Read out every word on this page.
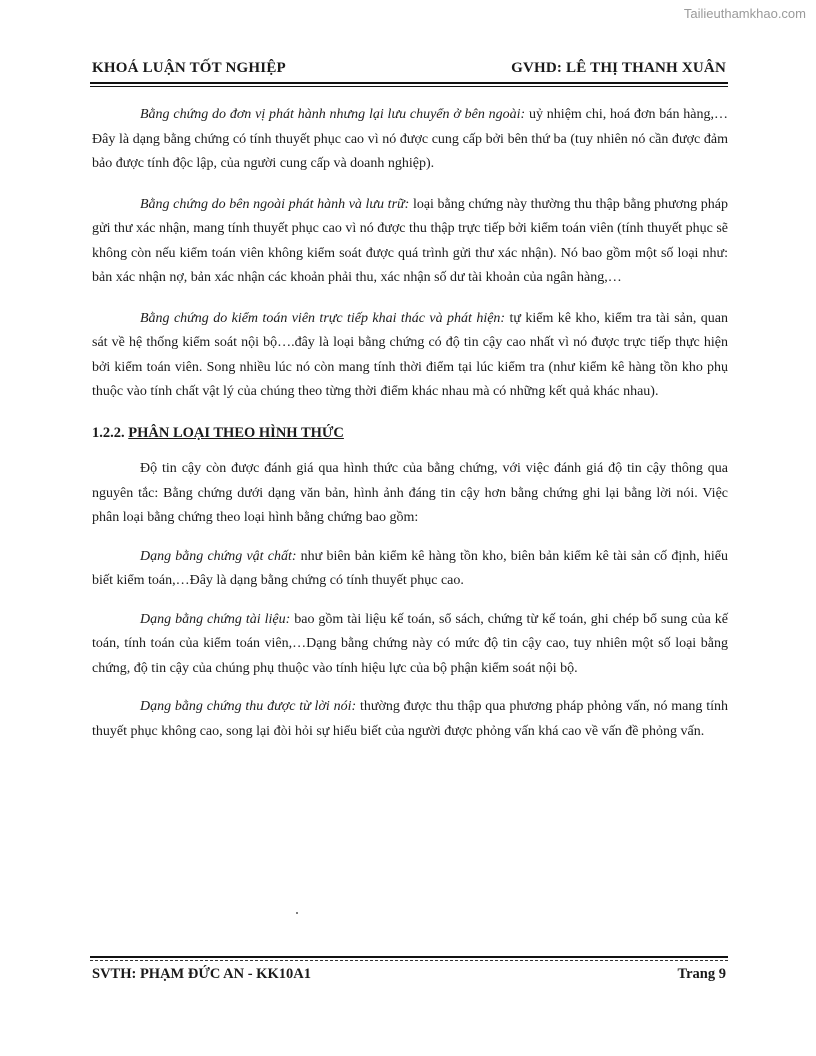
Tailieuthamkhao.com
KHOÁ LUẬN TỐT NGHIỆP	GVHD: LÊ THỊ THANH XUÂN

Bằng chứng do đơn vị phát hành nhưng lại lưu chuyển ở bên ngoài: uỷ nhiệm chi, hoá đơn bán hàng,…Đây là dạng bằng chứng có tính thuyết phục cao vì nó được cung cấp bởi bên thứ ba (tuy nhiên nó cần được đảm bảo được tính độc lập, của người cung cấp và doanh nghiệp).

Bằng chứng do bên ngoài phát hành và lưu trữ: loại bằng chứng này thường thu thập bằng phương pháp gửi thư xác nhận, mang tính thuyết phục cao vì nó được thu thập trực tiếp bởi kiểm toán viên (tính thuyết phục sẽ không còn nếu kiểm toán viên không kiểm soát được quá trình gửi thư xác nhận). Nó bao gồm một số loại như: bản xác nhận nợ, bản xác nhận các khoản phải thu, xác nhận số dư tài khoản của ngân hàng,…

Bằng chứng do kiểm toán viên trực tiếp khai thác và phát hiện: tự kiểm kê kho, kiểm tra tài sản, quan sát về hệ thống kiểm soát nội bộ….đây là loại bằng chứng có độ tin cậy cao nhất vì nó được trực tiếp thực hiện bởi kiểm toán viên. Song nhiều lúc nó còn mang tính thời điểm tại lúc kiểm tra (như kiểm kê hàng tồn kho phụ thuộc vào tính chất vật lý của chúng theo từng thời điểm khác nhau mà có những kết quả khác nhau).

1.2.2. PHÂN LOẠI THEO HÌNH THỨC

Độ tin cậy còn được đánh giá qua hình thức của bằng chứng, với việc đánh giá độ tin cậy thông qua nguyên tắc: Bằng chứng dưới dạng văn bản, hình ảnh đáng tin cậy hơn bằng chứng ghi lại bằng lời nói. Việc phân loại bằng chứng theo loại hình bằng chứng bao gồm:

Dạng bằng chứng vật chất: như biên bản kiểm kê hàng tồn kho, biên bản kiểm kê tài sản cố định, hiểu biết kiểm toán,…Đây là dạng bằng chứng có tính thuyết phục cao.

Dạng bằng chứng tài liệu: bao gồm tài liệu kế toán, sổ sách, chứng từ kế toán, ghi chép bổ sung của kế toán, tính toán của kiểm toán viên,…Dạng bằng chứng này có mức độ tin cậy cao, tuy nhiên một số loại bằng chứng, độ tin cậy của chúng phụ thuộc vào tính hiệu lực của bộ phận kiểm soát nội bộ.

Dạng bằng chứng thu được từ lời nói: thường được thu thập qua phương pháp phỏng vấn, nó mang tính thuyết phục không cao, song lại đòi hỏi sự hiểu biết của người được phỏng vấn khá cao về vấn đề phỏng vấn.

SVTH: PHẠM ĐỨC AN - KK10A1	Trang 9
